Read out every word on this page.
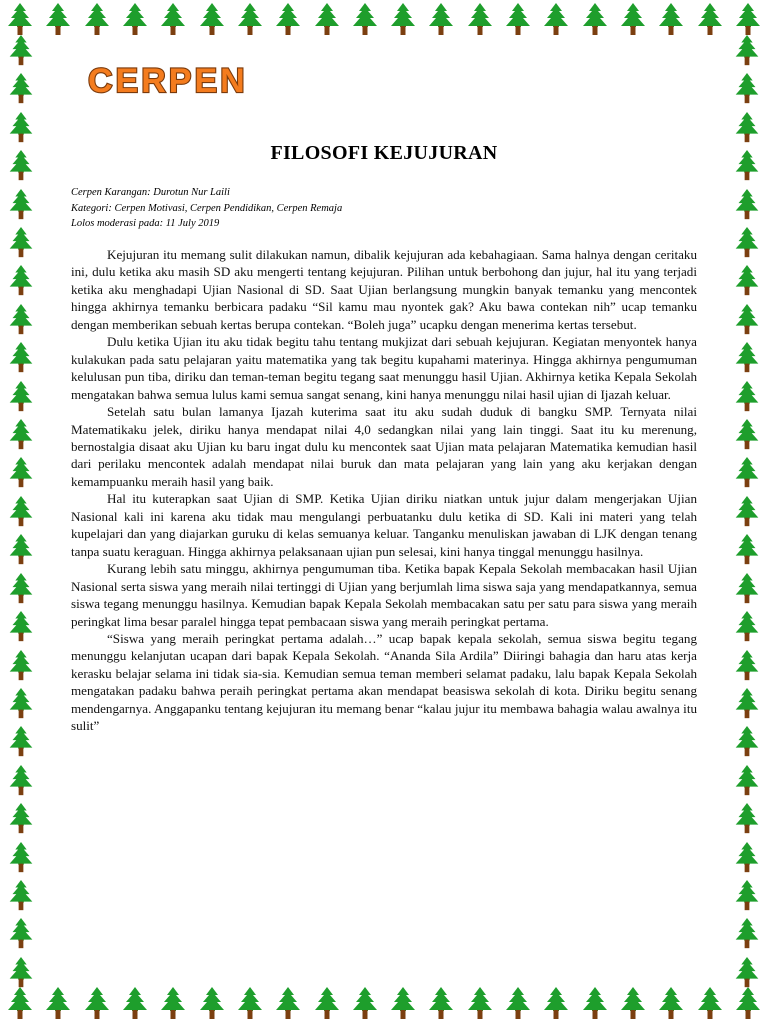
CERPEN
FILOSOFI KEJUJURAN
Cerpen Karangan: Durotun Nur Laili
Kategori: Cerpen Motivasi, Cerpen Pendidikan, Cerpen Remaja
Lolos moderasi pada: 11 July 2019

Kejujuran itu memang sulit dilakukan namun, dibalik kejujuran ada kebahagiaan. Sama halnya dengan ceritaku ini, dulu ketika aku masih SD aku mengerti tentang kejujuran. Pilihan untuk berbohong dan jujur, hal itu yang terjadi ketika aku menghadapi Ujian Nasional di SD. Saat Ujian berlangsung mungkin banyak temanku yang mencontek hingga akhirnya temanku berbicara padaku “Sil kamu mau nyontek gak? Aku bawa contekan nih” ucap temanku dengan memberikan sebuah kertas berupa contekan. “Boleh juga” ucapku dengan menerima kertas tersebut.

Dulu ketika Ujian itu aku tidak begitu tahu tentang mukjizat dari sebuah kejujuran. Kegiatan menyontek hanya kulakukan pada satu pelajaran yaitu matematika yang tak begitu kupahami materinya. Hingga akhirnya pengumuman kelulusan pun tiba, diriku dan teman-teman begitu tegang saat menunggu hasil Ujian. Akhirnya ketika Kepala Sekolah mengatakan bahwa semua lulus kami semua sangat senang, kini hanya menunggu nilai hasil ujian di Ijazah keluar.

Setelah satu bulan lamanya Ijazah kuterima saat itu aku sudah duduk di bangku SMP. Ternyata nilai Matematikaku jelek, diriku hanya mendapat nilai 4,0 sedangkan nilai yang lain tinggi. Saat itu ku merenung, bernostalgia disaat aku Ujian ku baru ingat dulu ku mencontek saat Ujian mata pelajaran Matematika kemudian hasil dari perilaku mencontek adalah mendapat nilai buruk dan mata pelajaran yang lain yang aku kerjakan dengan kemampuanku meraih hasil yang baik.

Hal itu kuterapkan saat Ujian di SMP. Ketika Ujian diriku niatkan untuk jujur dalam mengerjakan Ujian Nasional kali ini karena aku tidak mau mengulangi perbuatanku dulu ketika di SD. Kali ini materi yang telah kupelajari dan yang diajarkan guruku di kelas semuanya keluar. Tanganku menuliskan jawaban di LJK dengan tenang tanpa suatu keraguan. Hingga akhirnya pelaksanaan ujian pun selesai, kini hanya tinggal menunggu hasilnya.

Kurang lebih satu minggu, akhirnya pengumuman tiba. Ketika bapak Kepala Sekolah membacakan hasil Ujian Nasional serta siswa yang meraih nilai tertinggi di Ujian yang berjumlah lima siswa saja yang mendapatkannya, semua siswa tegang menunggu hasilnya. Kemudian bapak Kepala Sekolah membacakan satu per satu para siswa yang meraih peringkat lima besar paralel hingga tepat pembacaan siswa yang meraih peringkat pertama.

“Siswa yang meraih peringkat pertama adalah…” ucap bapak kepala sekolah, semua siswa begitu tegang menunggu kelanjutan ucapan dari bapak Kepala Sekolah. “Ananda Sila Ardila” Diiringi bahagia dan haru atas kerja kerasku belajar selama ini tidak sia-sia. Kemudian semua teman memberi selamat padaku, lalu bapak Kepala Sekolah mengatakan padaku bahwa peraih peringkat pertama akan mendapat beasiswa sekolah di kota. Diriku begitu senang mendengarnya. Anggapanku tentang kejujuran itu memang benar “kalau jujur itu membawa bahagia walau awalnya itu sulit”
